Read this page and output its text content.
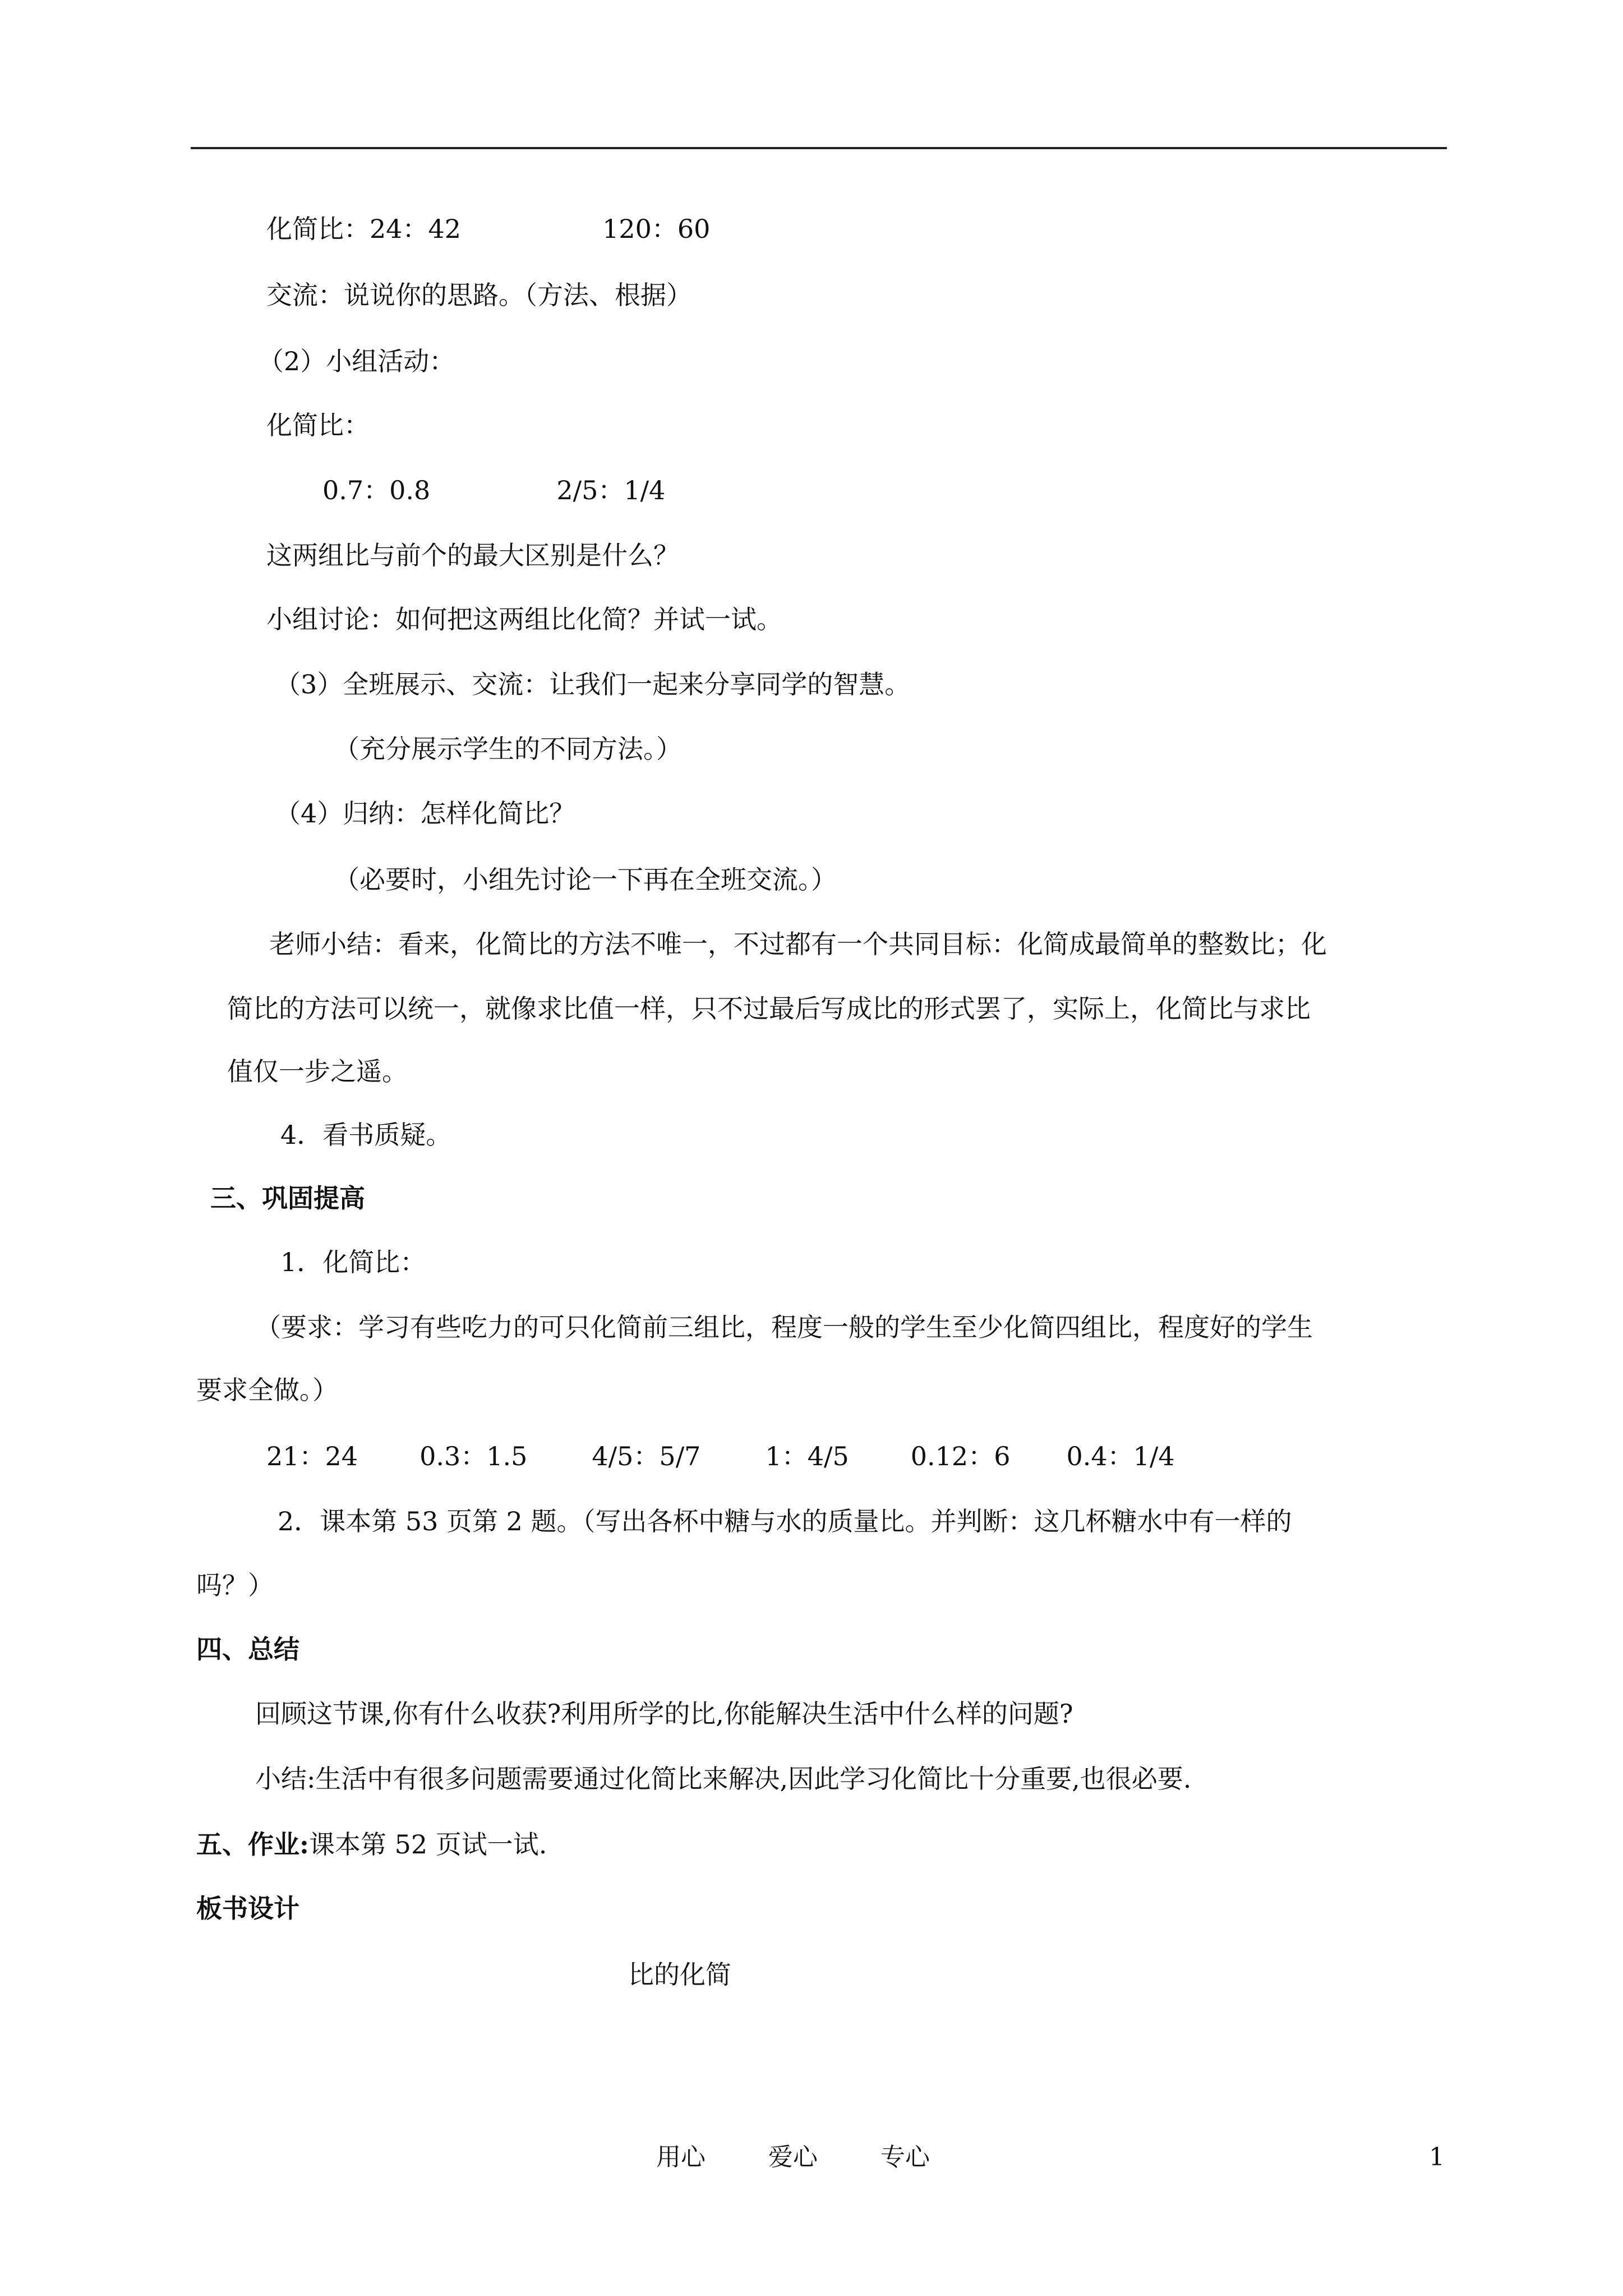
化简比：24：42	120：60
交流：说说你的思路。（方法、根据）
（2）小组活动：
化简比：
0.7：0.8	2/5：1/4
这两组比与前个的最大区别是什么？
小组讨论：如何把这两组比化简？并试一试。
（3）全班展示、交流：让我们一起来分享同学的智慧。
（充分展示学生的不同方法。）
（4）归纳：怎样化简比？
（必要时，小组先讨论一下再在全班交流。）
老师小结：看来，化简比的方法不唯一，不过都有一个共同目标：化简成最简单的整数比；化
简比的方法可以统一，就像求比值一样，只不过最后写成比的形式罢了，实际上，化简比与求比
值仅一步之遥。
4．看书质疑。
三、巩固提高
1．化简比：
（要求：学习有些吃力的可只化简前三组比，程度一般的学生至少化简四组比，程度好的学生
要求全做。）
21：24 0.3：1.5	4/5：5/7	1：4/5 0.12：6 0.4：1/4
2．课本第 53 页第 2 题。（写出各杯中糖与水的质量比。并判断：这几杯糖水中有一样的
吗？）
四、总结
回顾这节课,你有什么收获?利用所学的比,你能解决生活中什么样的问题?
小结:生活中有很多问题需要通过化简比来解决,因此学习化简比十分重要,也很必要.
五、作业:课本第 52 页试一试.
板书设计
比的化简
用心	爱心	专心	1
